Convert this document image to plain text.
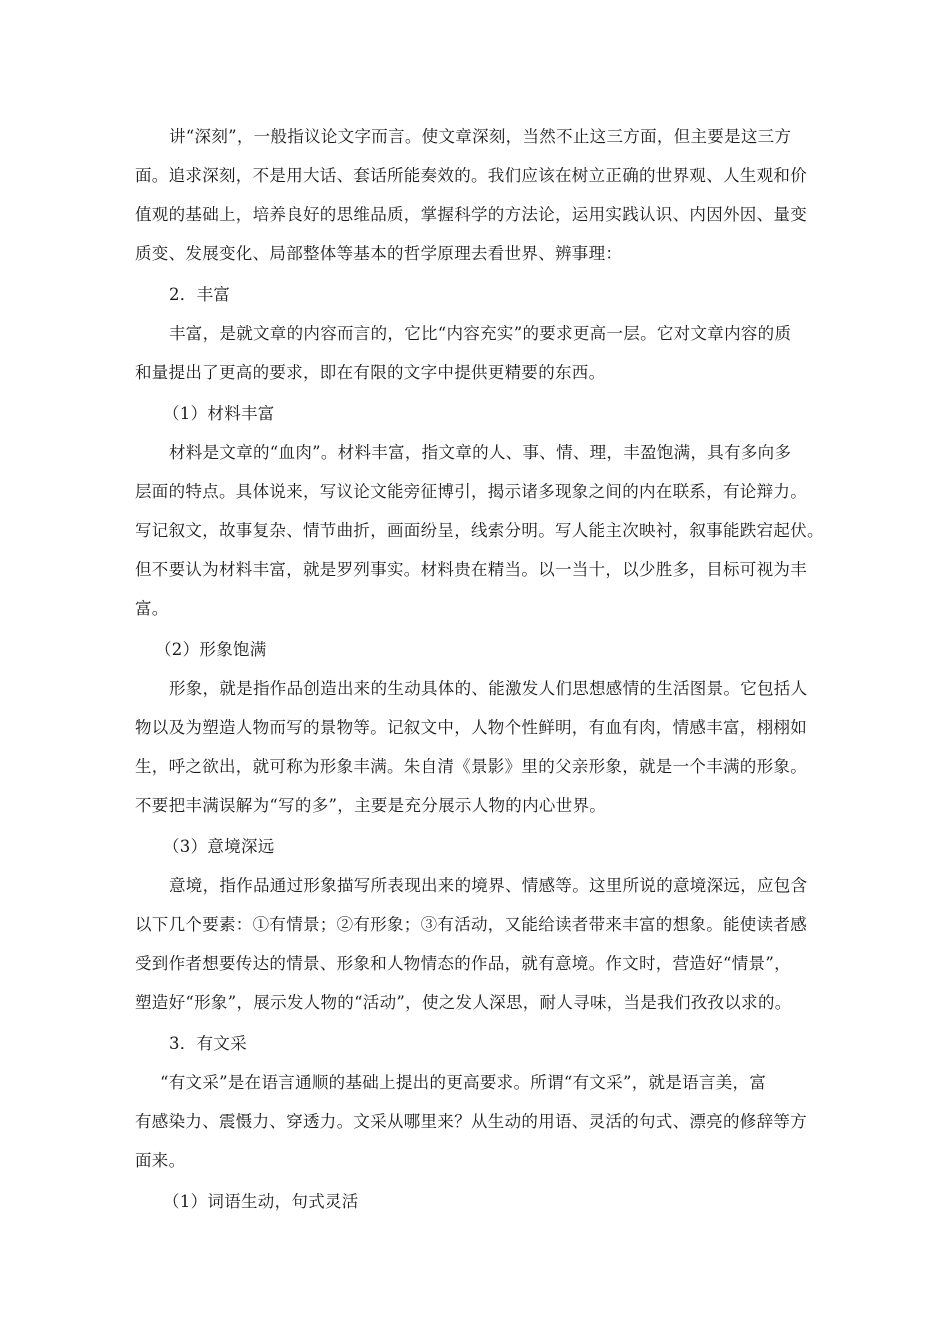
讲“深刻”，一般指议论文字而言。使文章深刻，当然不止这三方面，但主要是这三方
面。追求深刻，不是用大话、套话所能奏效的。我们应该在树立正确的世界观、人生观和价
值观的基础上，培养良好的思维品质，掌握科学的方法论，运用实践认识、内因外因、量变
质变、发展变化、局部整体等基本的哲学原理去看世界、辨事理：
2．丰富
丰富，是就文章的内容而言的，它比“内容充实”的要求更高一层。它对文章内容的质
和量提出了更高的要求，即在有限的文字中提供更精要的东西。
（1）材料丰富
材料是文章的“血肉”。材料丰富，指文章的人、事、情、理，丰盈饱满，具有多向多
层面的特点。具体说来，写议论文能旁征博引，揭示诸多现象之间的内在联系，有论辩力。
写记叙文，故事复杂、情节曲折，画面纷呈，线索分明。写人能主次映衬，叙事能跌宕起伏。
但不要认为材料丰富，就是罗列事实。材料贵在精当。以一当十，以少胜多，目标可视为丰
富。
（2）形象饱满
形象，就是指作品创造出来的生动具体的、能激发人们思想感情的生活图景。它包括人
物以及为塑造人物而写的景物等。记叙文中，人物个性鲜明，有血有肉，情感丰富，栩栩如
生，呼之欲出，就可称为形象丰满。朱自清《景影》里的父亲形象，就是一个丰满的形象。
不要把丰满误解为“写的多”，主要是充分展示人物的内心世界。
（3）意境深远
意境，指作品通过形象描写所表现出来的境界、情感等。这里所说的意境深远，应包含
以下几个要素：①有情景；②有形象；③有活动，又能给读者带来丰富的想象。能使读者感
受到作者想要传达的情景、形象和人物情态的作品，就有意境。作文时，营造好“情景”，
塑造好“形象”，展示发人物的“活动”，使之发人深思，耐人寻味，当是我们孜孜以求的。
3．有文采
“有文采”是在语言通顺的基础上提出的更高要求。所谓“有文采”，就是语言美，富
有感染力、震慑力、穿透力。文采从哪里来？从生动的用语、灵活的句式、漂亮的修辞等方
面来。
（1）词语生动，句式灵活
